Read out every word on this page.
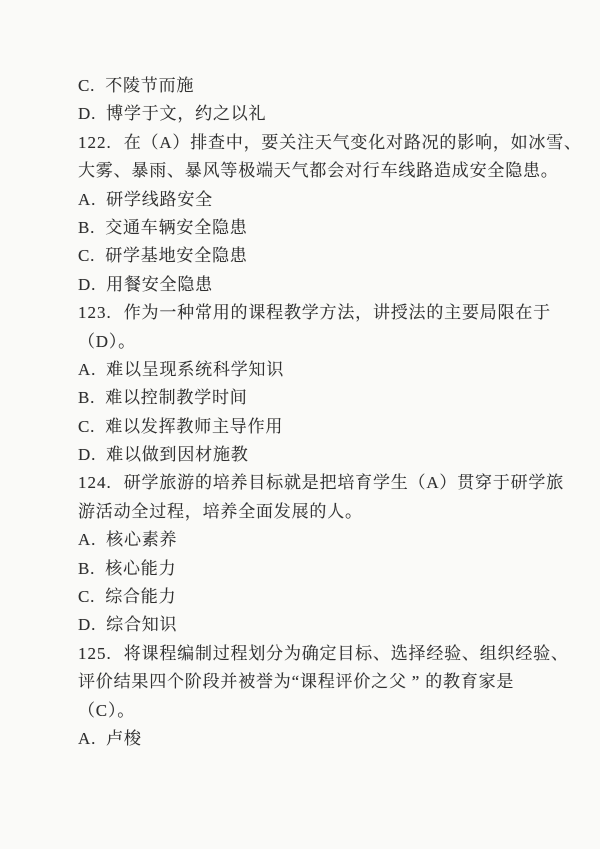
C. 不陵节而施
D. 博学于文，约之以礼
122. 在（A）排查中，要关注天气变化对路况的影响，如冰雪、
大雾、暴雨、暴风等极端天气都会对行车线路造成安全隐患。
A. 研学线路安全
B. 交通车辆安全隐患
C. 研学基地安全隐患
D. 用餐安全隐患
123. 作为一种常用的课程教学方法，讲授法的主要局限在于
（D）。
A. 难以呈现系统科学知识
B. 难以控制教学时间
C. 难以发挥教师主导作用
D. 难以做到因材施教
124. 研学旅游的培养目标就是把培育学生（A）贯穿于研学旅
游活动全过程，培养全面发展的人。
A. 核心素养
B. 核心能力
C. 综合能力
D. 综合知识
125. 将课程编制过程划分为确定目标、选择经验、组织经验、
评价结果四个阶段并被誉为“课程评价之父 ” 的教育家是
（C）。
A. 卢梭
